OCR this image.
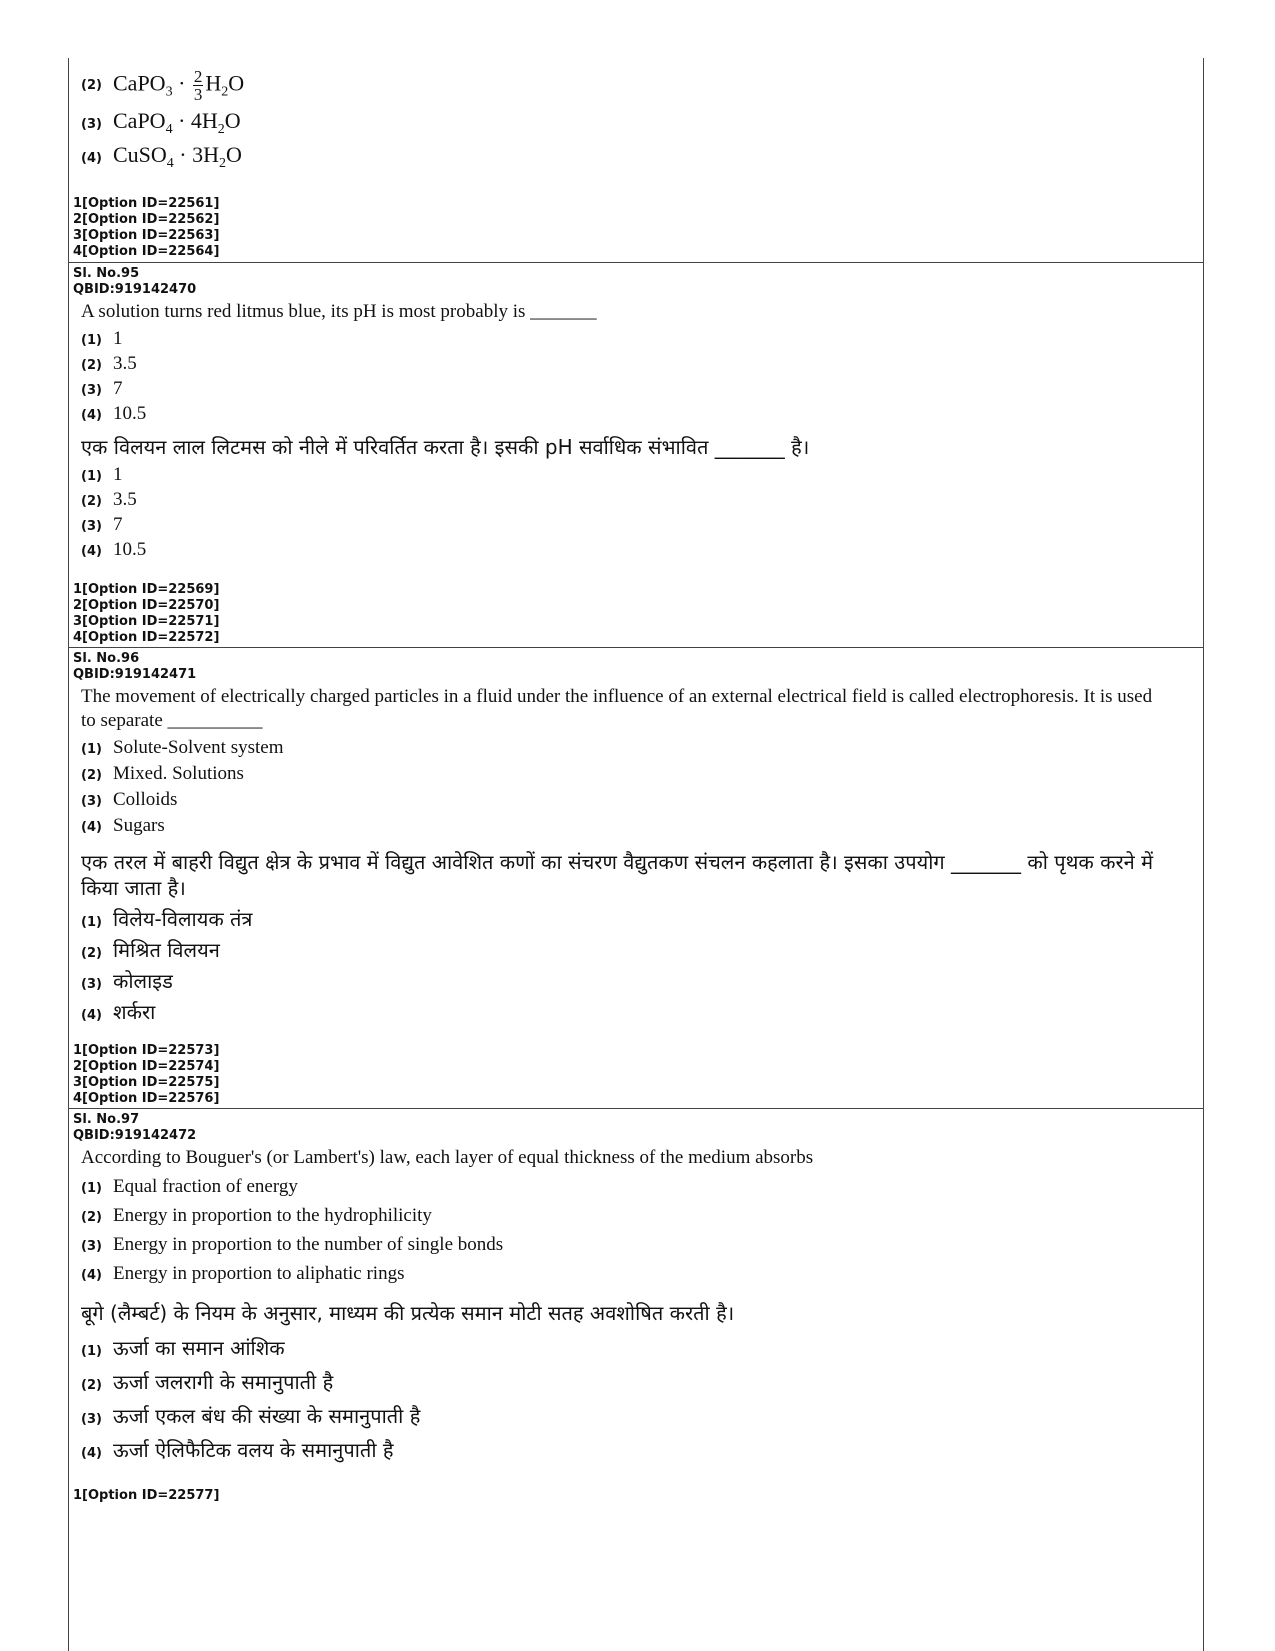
(2) CaPO$_3$ · $\frac{2}{3} H_2O$
(3) CaPO$_4$ · $4H_2O$
(4) CuSO$_4$ · $3H_2O$
1[Option ID=22561]
2[Option ID=22562]
3[Option ID=22563]
4[Option ID=22564]
Sl. No.95
QBID:919142470
A solution turns red litmus blue, its pH is most probably is _______
(1) 1
(2) 3.5
(3) 7
(4) 10.5
एक विलयन लाल लिटमस को नीले में परिवर्तित करता है। इसकी pH सर्वाधिक संभावित _______ है।
(1) 1
(2) 3.5
(3) 7
(4) 10.5
1[Option ID=22569]
2[Option ID=22570]
3[Option ID=22571]
4[Option ID=22572]
Sl. No.96
QBID:919142471
The movement of electrically charged particles in a fluid under the influence of an external electrical field is called electrophoresis. It is used to separate __________
(1) Solute-Solvent system
(2) Mixed. Solutions
(3) Colloids
(4) Sugars
एक तरल में बाहरी विद्युत क्षेत्र के प्रभाव में विद्युत आवेशित कणों का संचरण वैद्युतकण संचलन कहलाता है। इसका उपयोग _______ को पृथक करने में किया जाता है।
(1) विलेय-विलायक तंत्र
(2) मिश्रित विलयन
(3) कोलाइड
(4) शर्करा
1[Option ID=22573]
2[Option ID=22574]
3[Option ID=22575]
4[Option ID=22576]
Sl. No.97
QBID:919142472
According to Bouguer's (or Lambert's) law, each layer of equal thickness of the medium absorbs
(1) Equal fraction of energy
(2) Energy in proportion to the hydrophilicity
(3) Energy in proportion to the number of single bonds
(4) Energy in proportion to aliphatic rings
बूगे (लैम्बर्ट) के नियम के अनुसार, माध्यम की प्रत्येक समान मोटी सतह अवशोषित करती है।
(1) ऊर्जा का समान आंशिक
(2) ऊर्जा जलरागी के समानुपाती है
(3) ऊर्जा एकल बंध की संख्या के समानुपाती है
(4) ऊर्जा ऐलिफैटिक वलय के समानुपाती है
1[Option ID=22577]
